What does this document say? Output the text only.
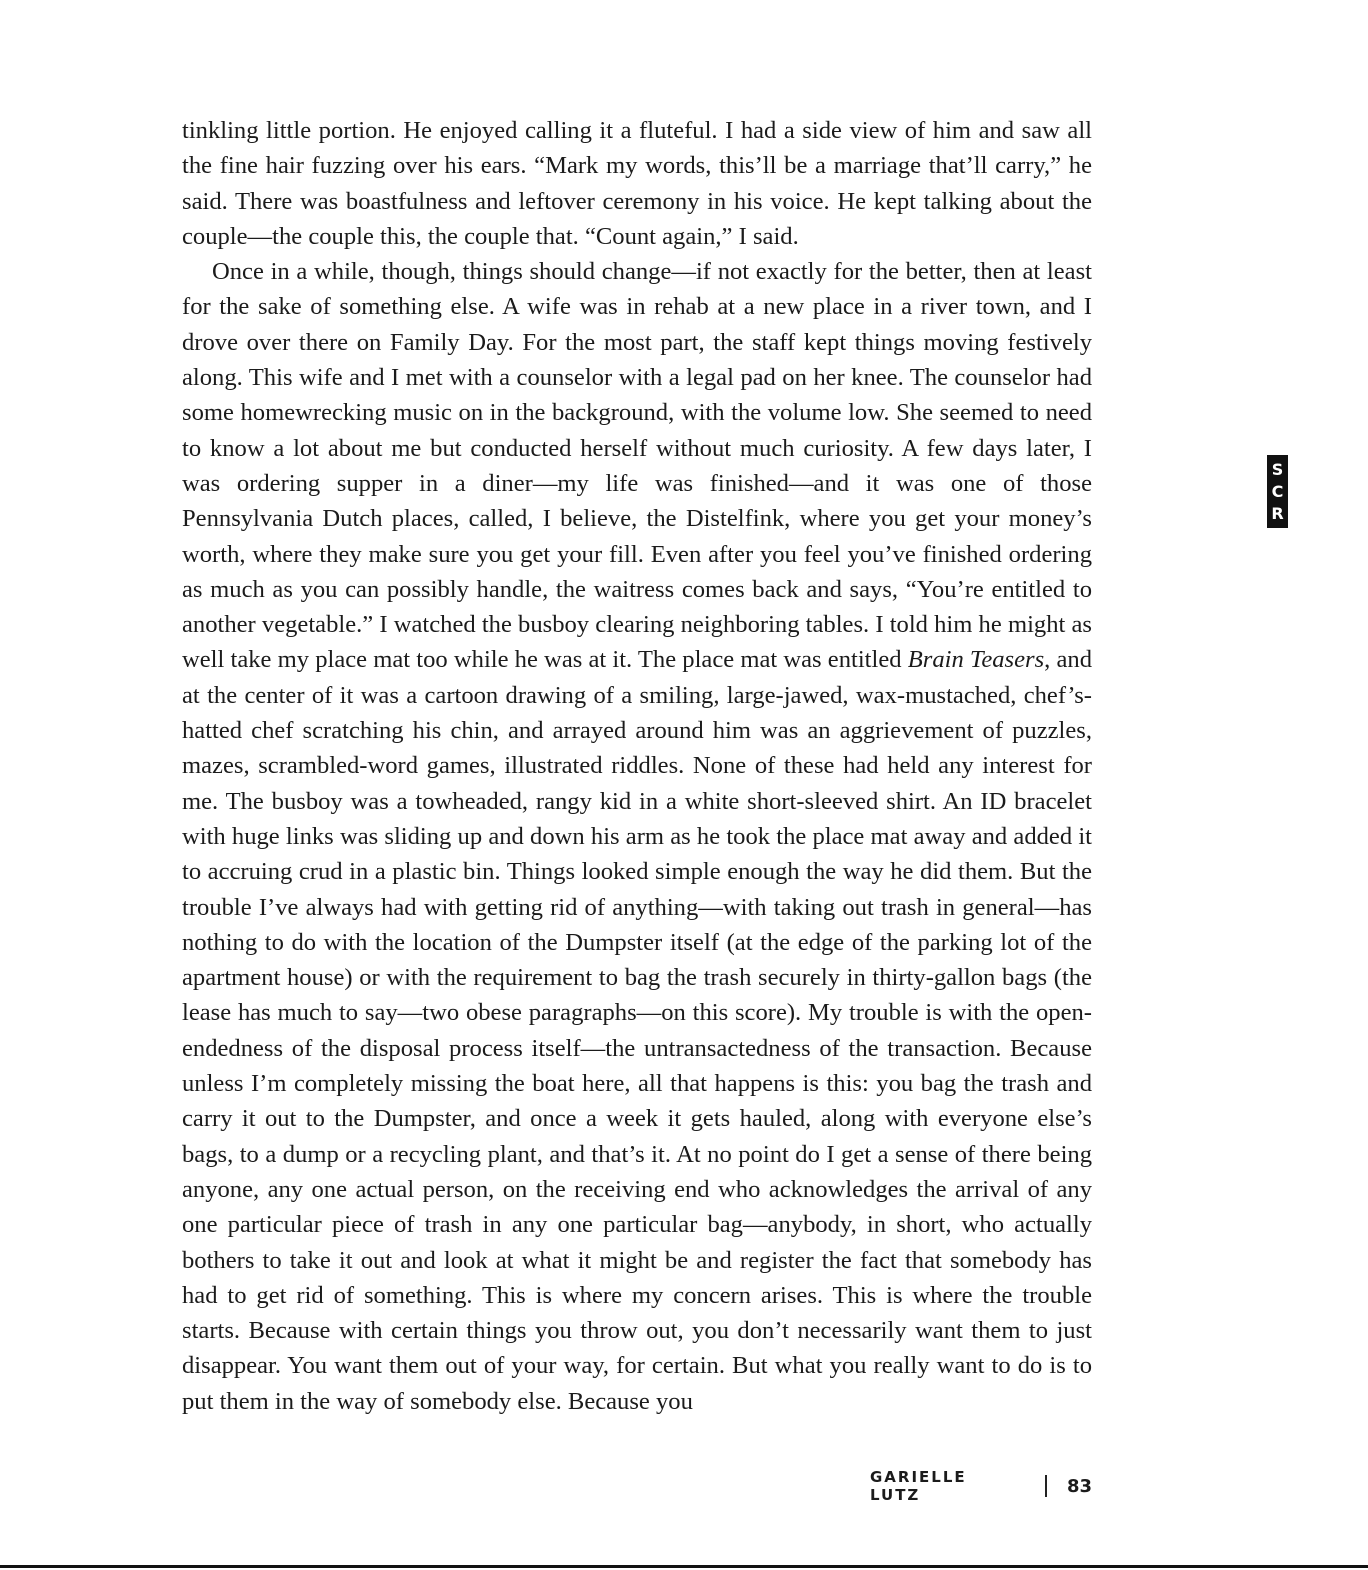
tinkling little portion. He enjoyed calling it a fluteful. I had a side view of him and saw all the fine hair fuzzing over his ears. “Mark my words, this’ll be a marriage that’ll carry,” he said. There was boastfulness and leftover ceremony in his voice. He kept talking about the couple—the couple this, the couple that. “Count again,” I said.

Once in a while, though, things should change—if not exactly for the better, then at least for the sake of something else. A wife was in rehab at a new place in a river town, and I drove over there on Family Day. For the most part, the staff kept things moving festively along. This wife and I met with a counselor with a legal pad on her knee. The counselor had some homewrecking music on in the background, with the volume low. She seemed to need to know a lot about me but conducted herself without much curiosity. A few days later, I was ordering supper in a diner—my life was finished—and it was one of those Pennsylvania Dutch places, called, I believe, the Distelfink, where you get your money’s worth, where they make sure you get your fill. Even after you feel you’ve finished ordering as much as you can possibly handle, the waitress comes back and says, “You’re entitled to another vegetable.” I watched the busboy clearing neighboring tables. I told him he might as well take my place mat too while he was at it. The place mat was entitled Brain Teasers, and at the center of it was a cartoon drawing of a smiling, large-jawed, wax-mustached, chef’s-hatted chef scratching his chin, and arrayed around him was an aggrievement of puzzles, mazes, scrambled-word games, illustrated riddles. None of these had held any interest for me. The busboy was a towheaded, rangy kid in a white short-sleeved shirt. An ID bracelet with huge links was sliding up and down his arm as he took the place mat away and added it to accruing crud in a plastic bin. Things looked simple enough the way he did them. But the trouble I’ve always had with getting rid of anything—with taking out trash in general—has nothing to do with the location of the Dumpster itself (at the edge of the parking lot of the apartment house) or with the requirement to bag the trash securely in thirty-gallon bags (the lease has much to say—two obese paragraphs—on this score). My trouble is with the open-endedness of the disposal process itself—the untransactedness of the transaction. Because unless I’m completely missing the boat here, all that happens is this: you bag the trash and carry it out to the Dumpster, and once a week it gets hauled, along with everyone else’s bags, to a dump or a recycling plant, and that’s it. At no point do I get a sense of there being anyone, any one actual person, on the receiving end who acknowledges the arrival of any one particular piece of trash in any one particular bag—anybody, in short, who actually bothers to take it out and look at what it might be and register the fact that somebody has had to get rid of something. This is where my concern arises. This is where the trouble starts. Because with certain things you throw out, you don’t necessarily want them to just disappear. You want them out of your way, for certain. But what you really want to do is to put them in the way of somebody else. Because you

S
C
R
GARIELLE LUTZ	83
